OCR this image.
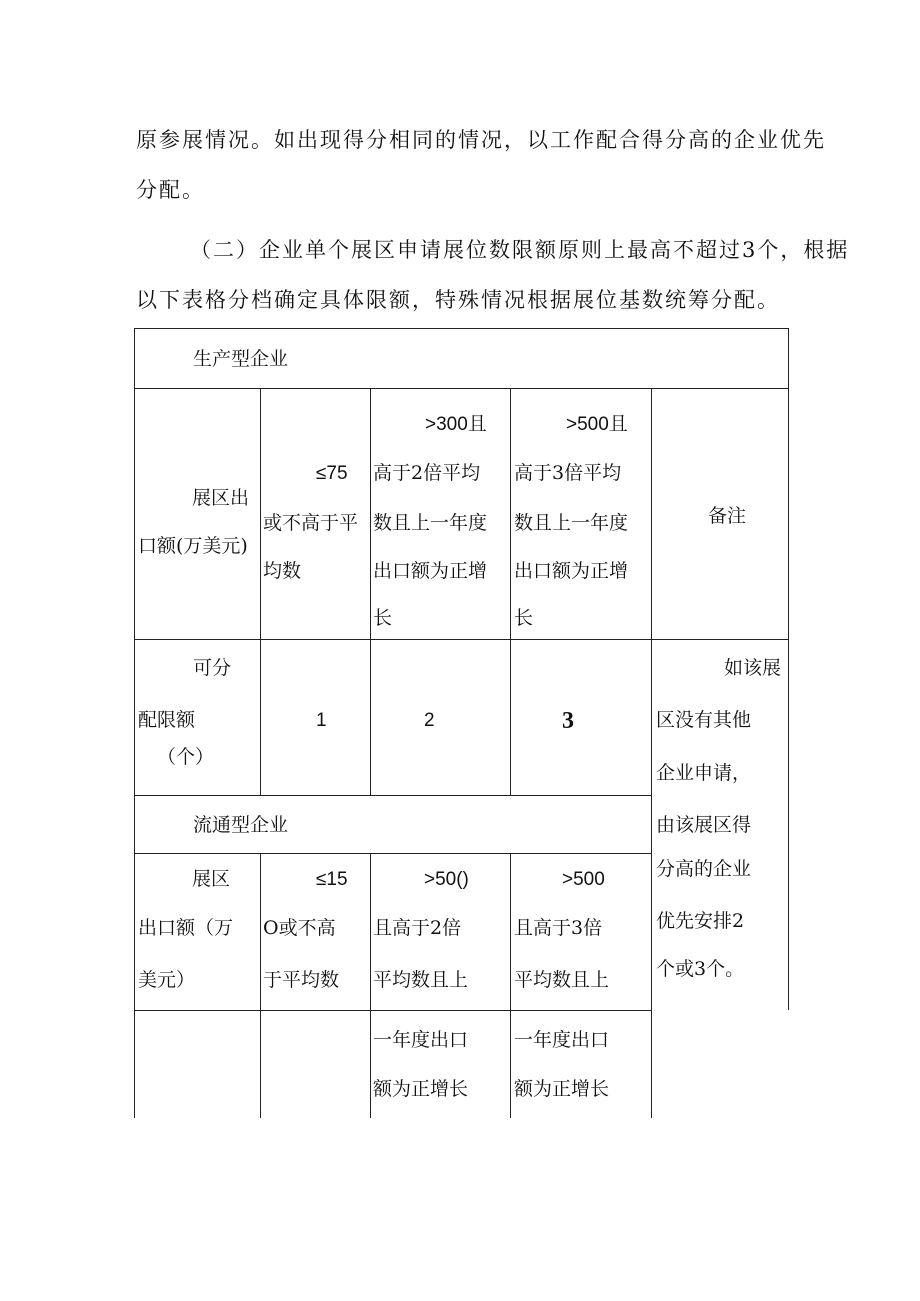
原参展情况。如出现得分相同的情况，以工作配合得分高的企业优先
分配。
（二）企业单个展区申请展位数限额原则上最高不超过3个，根据
以下表格分档确定具体限额，特殊情况根据展位基数统筹分配。
生产型企业
展区出
口额(万美元)
≤75
或不高于平
均数
>300且
高于2倍平均
数且上一年度
出口额为正增
长
>500且
高于3倍平均
数且上一年度
出口额为正增
长
备注
可分
配限额
（个）
1	2	3
如该展
区没有其他
企业申请，
由该展区得
分高的企业
优先安排2
个或3个。
流通型企业
展区
出口额（万
美元）
≤15
O或不高
于平均数
>50()
且高于2倍
平均数且上
一年度出口
额为正增长
>500
且高于3倍
平均数且上
一年度出口
额为正增长
